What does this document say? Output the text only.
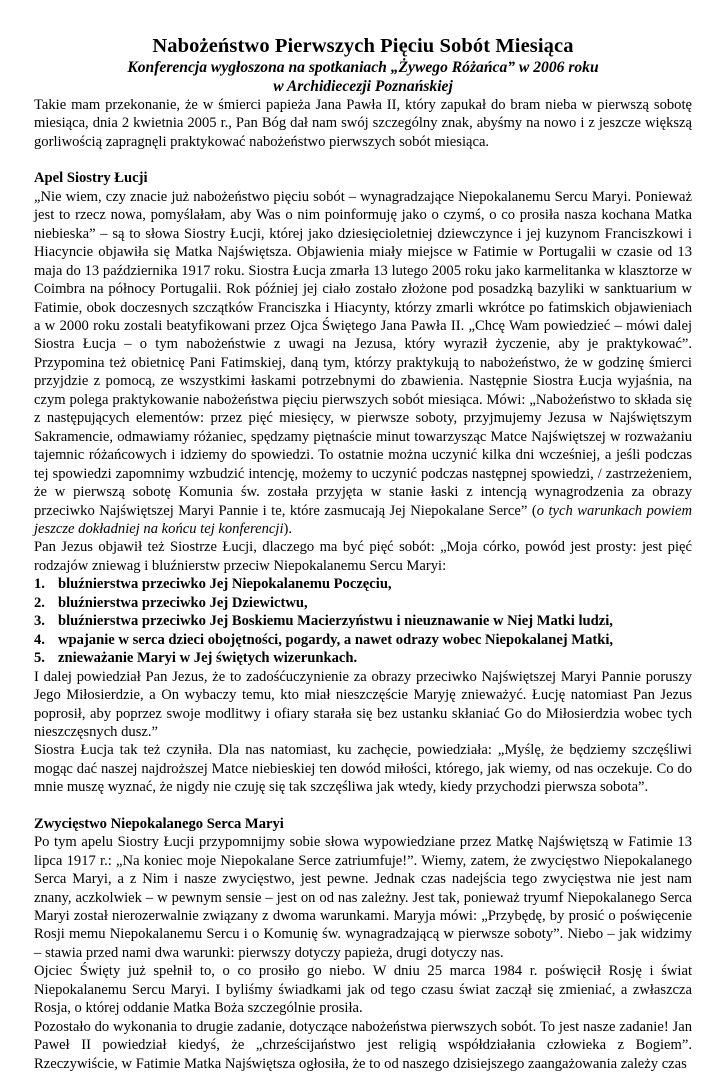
Nabożeństwo Pierwszych Pięciu Sobót Miesiąca
Konferencja wygłoszona na spotkaniach „Żywego Różańca” w 2006 roku
w Archidiecezji Poznańskiej

Takie mam przekonanie, że w śmierci papieża Jana Pawła II, który zapukał do bram nieba w pierwszą sobotę miesiąca, dnia 2 kwietnia 2005 r., Pan Bóg dał nam swój szczególny znak, abyśmy na nowo i z jeszcze większą gorliwością zapragnęli praktykować nabożeństwo pierwszych sobót miesiąca.

Apel Siostry Łucji

„Nie wiem, czy znacie już nabożeństwo pięciu sobót – wynagradzające Niepokalanemu Sercu Maryi. Ponieważ jest to rzecz nowa, pomyślałam, aby Was o nim poinformuję jako o czymś, o co prosiła nasza kochana Matka niebieska” – są to słowa Siostry Łucji, której jako dziesięcioletniej dziewczynce i jej kuzynom Franciszkowi i Hiacyncie objawiła się Matka Najświętsza. Objawienia miały miejsce w Fatimie w Portugalii w czasie od 13 maja do 13 października 1917 roku. Siostra Łucja zmarła 13 lutego 2005 roku jako karmelitanka w klasztorze w Coimbra na północy Portugalii. Rok później jej ciało zostało złożone pod posadzką bazyliki w sanktuarium w Fatimie, obok doczesnych szczątków Franciszka i Hiacynty, którzy zmarli wkrótce po fatimskich objawieniach a w 2000 roku zostali beatyfikowani przez Ojca Świętego Jana Pawła II. „Chcę Wam powiedzieć – mówi dalej Siostra Łucja – o tym nabożeństwie z uwagi na Jezusa, który wyraził życzenie, aby je praktykować”. Przypomina też obietnicę Pani Fatimskiej, daną tym, którzy praktykują to nabożeństwo, że w godzinę śmierci przyjdzie z pomocą, ze wszystkimi łaskami potrzebnymi do zbawienia. Następnie Siostra Łucja wyjaśnia, na czym polega praktykowanie nabożeństwa pięciu pierwszych sobót miesiąca. Mówi: „Nabożeństwo to składa się z następujących elementów: przez pięć miesięcy, w pierwsze soboty, przyjmujemy Jezusa w Najświętszym Sakramencie, odmawiamy różaniec, spędzamy piętnaście minut towarzysząc Matce Najświętszej w rozważaniu tajemnic różańcowych i idziemy do spowiedzi. To ostatnie można uczynić kilka dni wcześniej, a jeśli podczas tej spowiedzi zapomnimy wzbudzić intencję, możemy to uczynić podczas następnej spowiedzi, / zastrzeżeniem, że w pierwszą sobotę Komunia św. została przyjęta w stanie łaski z intencją wynagrodzenia za obrazy przeciwko Najświętszej Maryi Pannie i te, które zasmucają Jej Niepokalane Serce” (o tych warunkach powiem jeszcze dokładniej na końcu tej konferencji).

Pan Jezus objawił też Siostrze Łucji, dlaczego ma być pięć sobót: „Moja córko, powód jest prosty: jest pięć rodzajów zniewag i bluźnierstw przeciw Niepokalanemu Sercu Maryi:

1. bluźnierstwa przeciwko Jej Niepokalanemu Poczęciu,
2. bluźnierstwa przeciwko Jej Dziewictwu,
3. bluźnierstwa przeciwko Jej Boskiemu Macierzyństwu i nieuznawanie w Niej Matki ludzi,
4. wpajanie w serca dzieci obojętności, pogardy, a nawet odrazy wobec Niepokalanej Matki,
5. znieważanie Maryi w Jej świętych wizerunkach.

I dalej powiedział Pan Jezus, że to zadośćuczynienie za obrazy przeciwko Najświętszej Maryi Pannie poruszy Jego Miłosierdzie, a On wybaczy temu, kto miał nieszczęście Maryję znieważyć. Łucję natomiast Pan Jezus poprosił, aby poprzez swoje modlitwy i ofiary starała się bez ustanku skłaniać Go do Miłosierdzia wobec tych nieszczęsnych dusz.”

Siostra Łucja tak też czyniła. Dla nas natomiast, ku zachęcie, powiedziała: „Myślę, że będziemy szczęśliwi mogąc dać naszej najdroższej Matce niebieskiej ten dowód miłości, którego, jak wiemy, od nas oczekuje. Co do mnie muszę wyznać, że nigdy nie czuję się tak szczęśliwa jak wtedy, kiedy przychodzi pierwsza sobota”.

Zwycięstwo Niepokalanego Serca Maryi

Po tym apelu Siostry Łucji przypomnijmy sobie słowa wypowiedziane przez Matkę Najświętszą w Fatimie 13 lipca 1917 r.: „Na koniec moje Niepokalane Serce zatriumfuje!”. Wiemy, zatem, że zwycięstwo Niepokalanego Serca Maryi, a z Nim i nasze zwycięstwo, jest pewne. Jednak czas nadejścia tego zwycięstwa nie jest nam znany, aczkolwiek – w pewnym sensie – jest on od nas zależny. Jest tak, ponieważ tryumf Niepokalanego Serca Maryi został nierozerwalnie związany z dwoma warunkami. Maryja mówi: „Przybędę, by prosić o poświęcenie Rosji memu Niepokalanemu Sercu i o Komunię św. wynagradzającą w pierwsze soboty”. Niebo – jak widzimy – stawia przed nami dwa warunki: pierwszy dotyczy papieża, drugi dotyczy nas.

Ojciec Święty już spełnił to, o co prosiło go niebo. W dniu 25 marca 1984 r. poświęcił Rosję i świat Niepokalanemu Sercu Maryi. I byliśmy świadkami jak od tego czasu świat zaczął się zmieniać, a zwłaszcza Rosja, o której oddanie Matka Boża szczególnie prosiła.

Pozostało do wykonania to drugie zadanie, dotyczące nabożeństwa pierwszych sobót. To jest nasze zadanie! Jan Paweł II powiedział kiedyś, że „chrześcijaństwo jest religią współdziałania człowieka z Bogiem”. Rzeczywiście, w Fatimie Matka Najświętsza ogłosiła, że to od naszego dzisiejszego zaangażowania zależy czas
